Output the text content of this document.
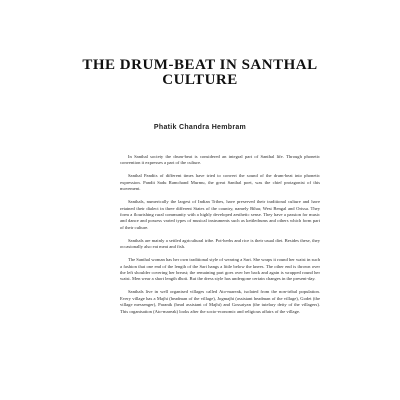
THE DRUM-BEAT IN SANTHAL
CULTURE
Phatik Chandra Hembram

In Santhal society the drum-beat is considered an integral part of Santhal life. Through phonetic convention it expresses a part of the culture.

Santhal Pandits of different times have tried to convert the sound of the drum-beat into phonetic expression. Pandit Sadu Ramchand Murmu, the great Santhal poet, was the chief protagonist of this movement.

Santhals, numerically the largest of Indian Tribes, have preserved their traditional culture and have retained their dialect in three different States of the country, namely Bihar, West Bengal and Orissa. They form a flourishing rural community with a highly developed aesthetic sense. They have a passion for music and dance and possess varied types of musical instruments such as kettledrums and others which form part of their culture.

Santhals are mainly a settled agricultural tribe. Pot-herbs and rice is their usual diet. Besides these, they occasionally also eat meat and fish.

The Santhal woman has her own traditional style of wearing a Sari. She wraps it round her waist in such a fashion that one end of the length of the Sari hangs a little below the knees. The other end is thrown over the left shoulder covering her breast; the remaining part goes over her back and again is wrapped round her waist. Men wear a short length dhoti. But the dress style has undergone certain changes in the present-day.

Santhals live in well organised villages called Ato-mareak, isolated from the non-tribal population. Every village has a Majhi (headman of the village), Jogmajhi (assistant headman of the village), Godet (the village messenger), Paranik (head assistant of Majhi) and Gossaiyan (the tutelary deity of the villagers). This organisation (Ato-mareak) looks after the socio-economic and religious affairs of the village.
